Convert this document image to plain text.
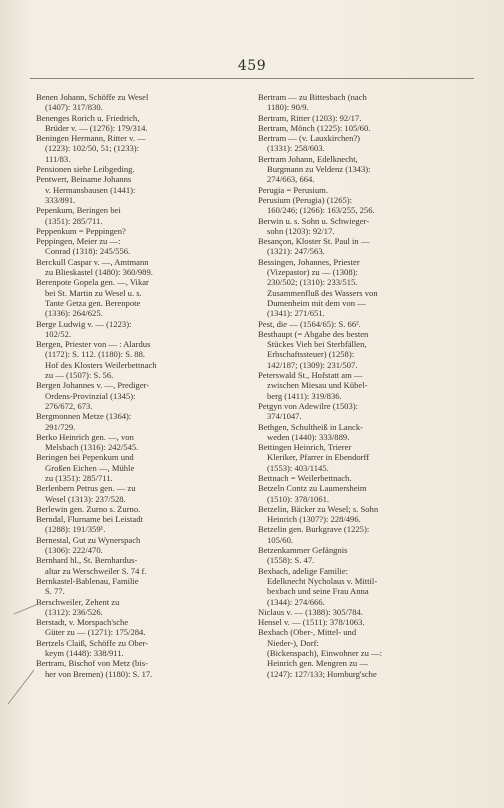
459

Benen Johann, Schöffe zu Wesel
(1407): 317/830.

Benenges Rorich u. Friedrich,
Brüder v. — (1276): 179/314.

Beningen Hermann, Ritter v. —
(1223): 102/50, 51; (1233):
111/83.

Pensionen siehe Leibgeding.

Pentwert, Beiname Johanns
v. Hermansbausen (1441):
333/891.

Pepenkum, Beringen bei
(1351): 285/711.

Peppenkum = Peppingen?

Peppingen, Meier zu —:
Conrad (1318): 245/556.

Berckull Caspar v. —, Amtmann
zu Blieskastel (1480): 360/989.

Berenpote Gopela gen. —, Vikar
bei St. Martin zu Wesel u. s.
Tante Getza gen. Berenpote
(1336): 264/625.

Berge Ludwig v. — (1223):
102/52.

Bergen, Priester von — : Alardus
(1172): S. 112. (1180): S. 88.
Hof des Klosters Weilerbettnach
zu — (1507): S. 56.

Bergen Johannes v. —, Prediger-
Ordens-Provinzial (1345):
276/672, 673.

Bergmonnen Metze (1364):
291/729.

Berko Heinrich gen. —, von
Melsbach (1316): 242/545.

Beringen bei Pepenkum und
Großen Eichen —, Mühle
zu (1351): 285/711.

Berlenbern Petrus gen. — zu
Wesel (1313): 237/528.

Berlewin gen. Zurno s. Zurno.

Berndal, Flurname bei Leistadt
(1288): 191/359¹.

Bernestal, Gut zu Wynerspach
(1306): 222/470.

Bernhard hl., St. Bernhardus-
altar zu Werschweiler S. 74 f.

Bernkastel-Bablenau, Familie
S. 77.

Berschweiler, Zehent zu
(1312): 236/526.

Berstadt, v. Morspach'sche
Güter zu — (1271): 175/284.

Bertzels Claiß, Schöffe zu Ober-
keym (1448): 338/911.

Bertram, Bischof von Metz (bis-
her von Bremen) (1180): S. 17.

Bertram — zu Bittesbach (nach
1180): 90/9.

Bertram, Ritter (1203): 92/17.

Bertram, Mönch (1225): 105/60.

Bertram — (v. Lauxkirchen?)
(1331): 258/603.

Bertram Johann, Edelknecht,
Burgmann zu Veldenz (1343):
274/663, 664.

Perugia = Perusium.

Perusium (Perugia) (1265):
160/246; (1266): 163/255, 256.

Berwin u. s. Sohn u. Schwieger-
sohn (1203): 92/17.

Besançon, Kloster St. Paul in —
(1321): 247/563.

Bessingen, Johannes, Priester
(Vizepastor) zu — (1308):
230/502; (1310): 233/515.
Zusammenfluß des Wassers von
Dumenheim mit dem von —
(1341): 271/651.

Pest, die — (1564/65): S. 66².

Besthaupt (= Abgabe des besten
Stückes Vieh bei Sterbfällen,
Erbschaftssteuer) (1258):
142/187; (1309): 231/507.

Peterswald St., Hofstatt am —
zwischen Miesau und Kübel-
berg (1411): 319/836.

Petgyn von Adewilre (1503):
374/1047.

Bethgen, Schultheiß in Lanck-
weden (1440): 333/889.

Bettingen Heinrich, Trierer
Kleriker, Pfarrer in Ebendorff
(1553): 403/1145.

Bettnach = Weilerbettnach.

Betzeln Contz zu Laumersheim
(1510): 378/1061.

Betzelin, Bäcker zu Wesel; s. Sohn
Heinrich (1307?): 228/496.

Betzelin gen. Burkgrave (1225):
105/60.

Betzenkammer Gefängnis
(1558): S. 47.

Bexbach, adelige Familie:
Edelknecht Nycholaus v. Mittil-
bexbach und seine Frau Anna
(1344): 274/666.

Niclaus v. — (1388): 305/784.

Hensel v. — (1511): 378/1063.

Bexbach (Ober-, Mittel- und
Nieder-), Dorf:
(Bickenspach), Einwohner zu —:
Heinrich gen. Mengren zu —
(1247): 127/133; Homburg'sche
